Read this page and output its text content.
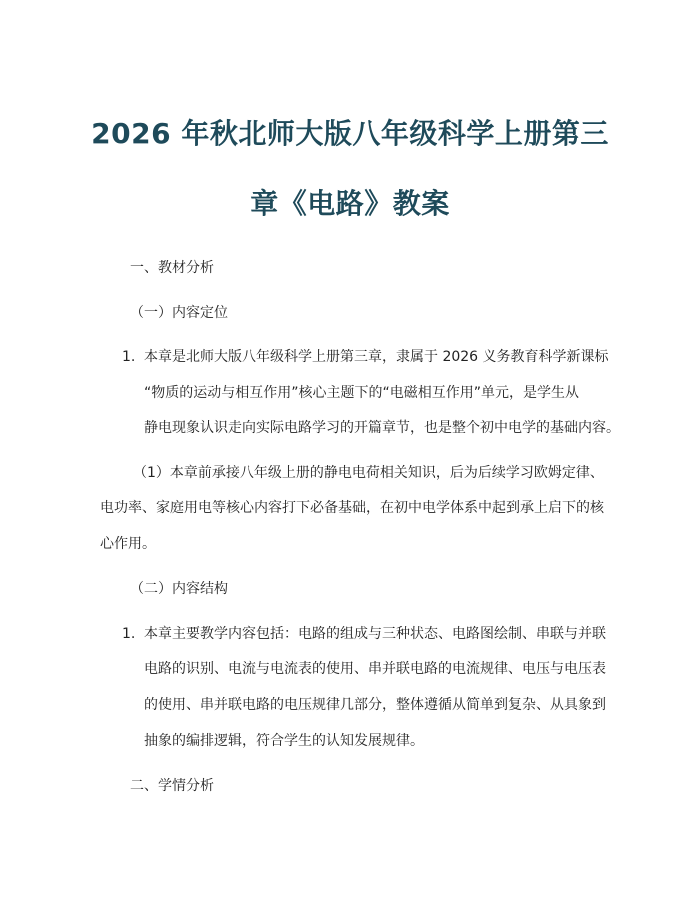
2026 年秋北师大版八年级科学上册第三
章《电路》教案
一、教材分析
（一）内容定位
1. 本章是北师大版八年级科学上册第三章，隶属于 2026 义务教育科学新课标
“物质的运动与相互作用”核心主题下的“电磁相互作用”单元，是学生从
静电现象认识走向实际电路学习的开篇章节，也是整个初中电学的基础内容。
（1）本章前承接八年级上册的静电电荷相关知识，后为后续学习欧姆定律、
电功率、家庭用电等核心内容打下必备基础，在初中电学体系中起到承上启下的核
心作用。
（二）内容结构
1. 本章主要教学内容包括：电路的组成与三种状态、电路图绘制、串联与并联
电路的识别、电流与电流表的使用、串并联电路的电流规律、电压与电压表
的使用、串并联电路的电压规律几部分，整体遵循从简单到复杂、从具象到
抽象的编排逻辑，符合学生的认知发展规律。
二、学情分析
